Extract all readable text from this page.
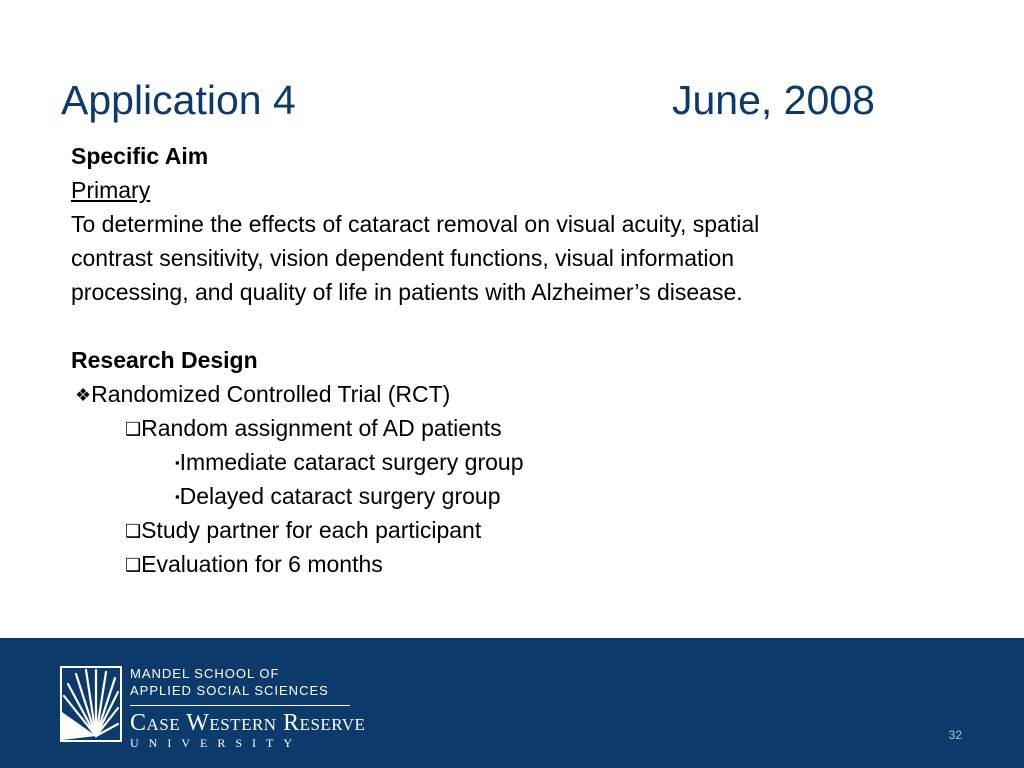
Application 4	June, 2008
Specific Aim
Primary
To determine the effects of cataract removal on visual acuity, spatial
contrast sensitivity, vision dependent functions, visual information
processing, and quality of life in patients with Alzheimer’s disease.
Research Design
❖Randomized Controlled Trial (RCT)
❑Random assignment of AD patients
▪Immediate cataract surgery group
▪Delayed cataract surgery group
❑Study partner for each participant
❑Evaluation for 6 months
MANDEL SCHOOL OF
APPLIED SOCIAL SCIENCES
Case Western Reserve
UNIVERSITY
32
